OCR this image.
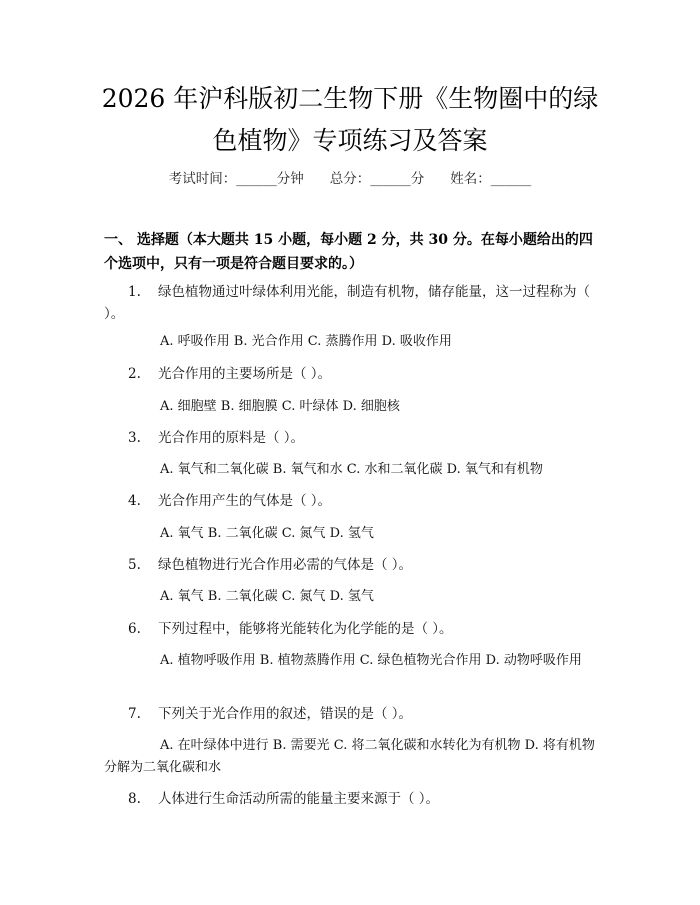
2026 年沪科版初二生物下册《生物圈中的绿
色植物》专项练习及答案
考试时间：______分钟 总分：______分 姓名：______
一、 选择题（本大题共 15 小题，每小题 2 分，共 30 分。在每小题给出的四个选项中，只有一项是符合题目要求的。）
1. 绿色植物通过叶绿体利用光能，制造有机物，储存能量，这一过程称为（ ）。
A. 呼吸作用 B. 光合作用 C. 蒸腾作用 D. 吸收作用
2. 光合作用的主要场所是（ ）。
A. 细胞壁 B. 细胞膜 C. 叶绿体 D. 细胞核
3. 光合作用的原料是（ ）。
A. 氧气和二氧化碳 B. 氧气和水 C. 水和二氧化碳 D. 氧气和有机物
4. 光合作用产生的气体是（ ）。
A. 氧气 B. 二氧化碳 C. 氮气 D. 氢气
5. 绿色植物进行光合作用必需的气体是（ ）。
A. 氧气 B. 二氧化碳 C. 氮气 D. 氢气
6. 下列过程中，能够将光能转化为化学能的是（ ）。
A. 植物呼吸作用 B. 植物蒸腾作用 C. 绿色植物光合作用 D. 动物呼吸作用
7. 下列关于光合作用的叙述，错误的是（ ）。
A. 在叶绿体中进行 B. 需要光 C. 将二氧化碳和水转化为有机物 D. 将有机物分解为二氧化碳和水
8. 人体进行生命活动所需的能量主要来源于（ ）。
